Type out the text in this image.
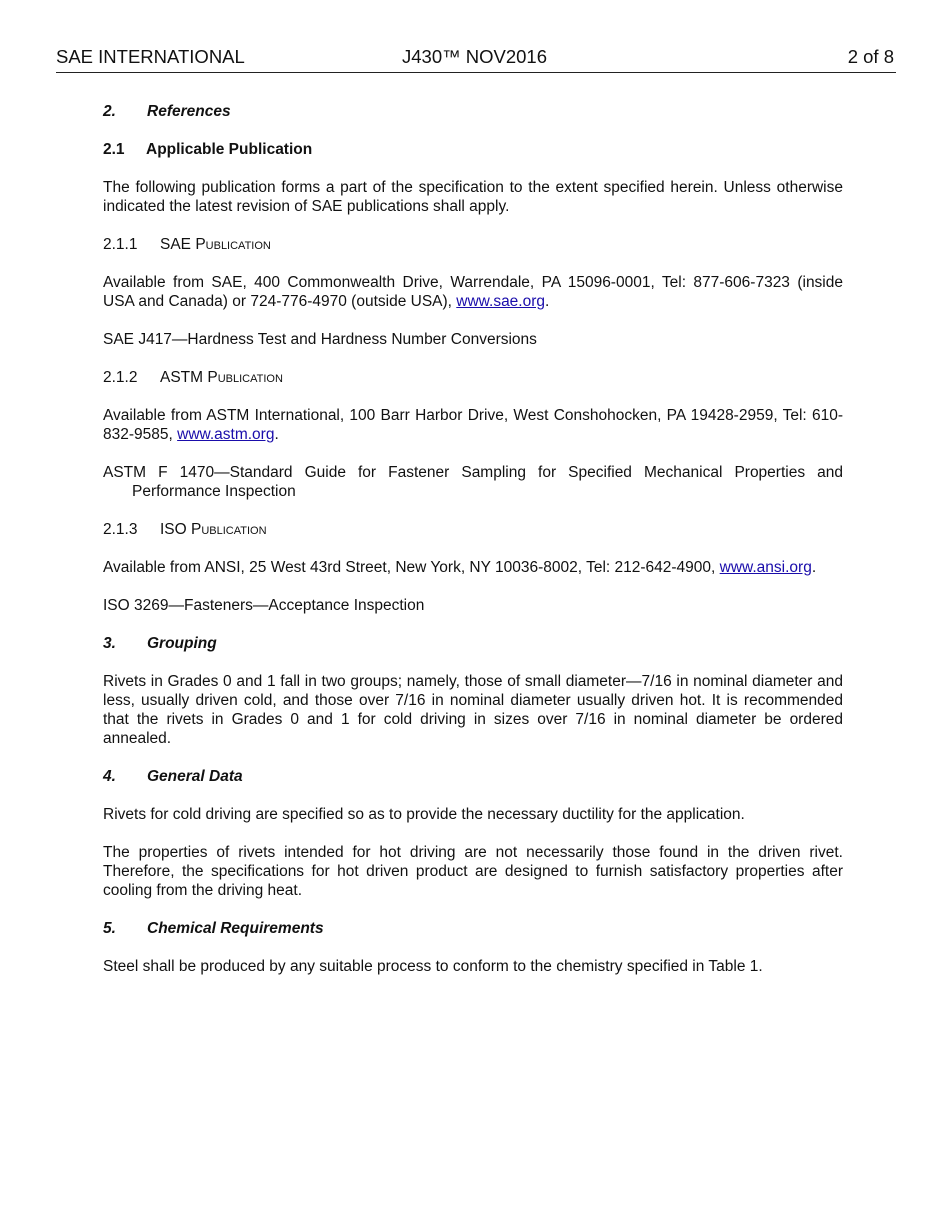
SAE INTERNATIONAL	J430™ NOV2016	2 of 8

2. References

2.1 Applicable Publication

The following publication forms a part of the specification to the extent specified herein. Unless otherwise indicated the latest revision of SAE publications shall apply.

2.1.1 SAE Publication

Available from SAE, 400 Commonwealth Drive, Warrendale, PA 15096-0001, Tel: 877-606-7323 (inside USA and Canada) or 724-776-4970 (outside USA), www.sae.org.

SAE J417—Hardness Test and Hardness Number Conversions

2.1.2 ASTM Publication

Available from ASTM International, 100 Barr Harbor Drive, West Conshohocken, PA 19428-2959, Tel: 610-832-9585, www.astm.org.

ASTM F 1470—Standard Guide for Fastener Sampling for Specified Mechanical Properties and Performance Inspection

2.1.3 ISO Publication

Available from ANSI, 25 West 43rd Street, New York, NY 10036-8002, Tel: 212-642-4900, www.ansi.org.

ISO 3269—Fasteners—Acceptance Inspection

3. Grouping

Rivets in Grades 0 and 1 fall in two groups; namely, those of small diameter—7/16 in nominal diameter and less, usually driven cold, and those over 7/16 in nominal diameter usually driven hot. It is recommended that the rivets in Grades 0 and 1 for cold driving in sizes over 7/16 in nominal diameter be ordered annealed.

4. General Data

Rivets for cold driving are specified so as to provide the necessary ductility for the application.

The properties of rivets intended for hot driving are not necessarily those found in the driven rivet. Therefore, the specifications for hot driven product are designed to furnish satisfactory properties after cooling from the driving heat.

5. Chemical Requirements

Steel shall be produced by any suitable process to conform to the chemistry specified in Table 1.
